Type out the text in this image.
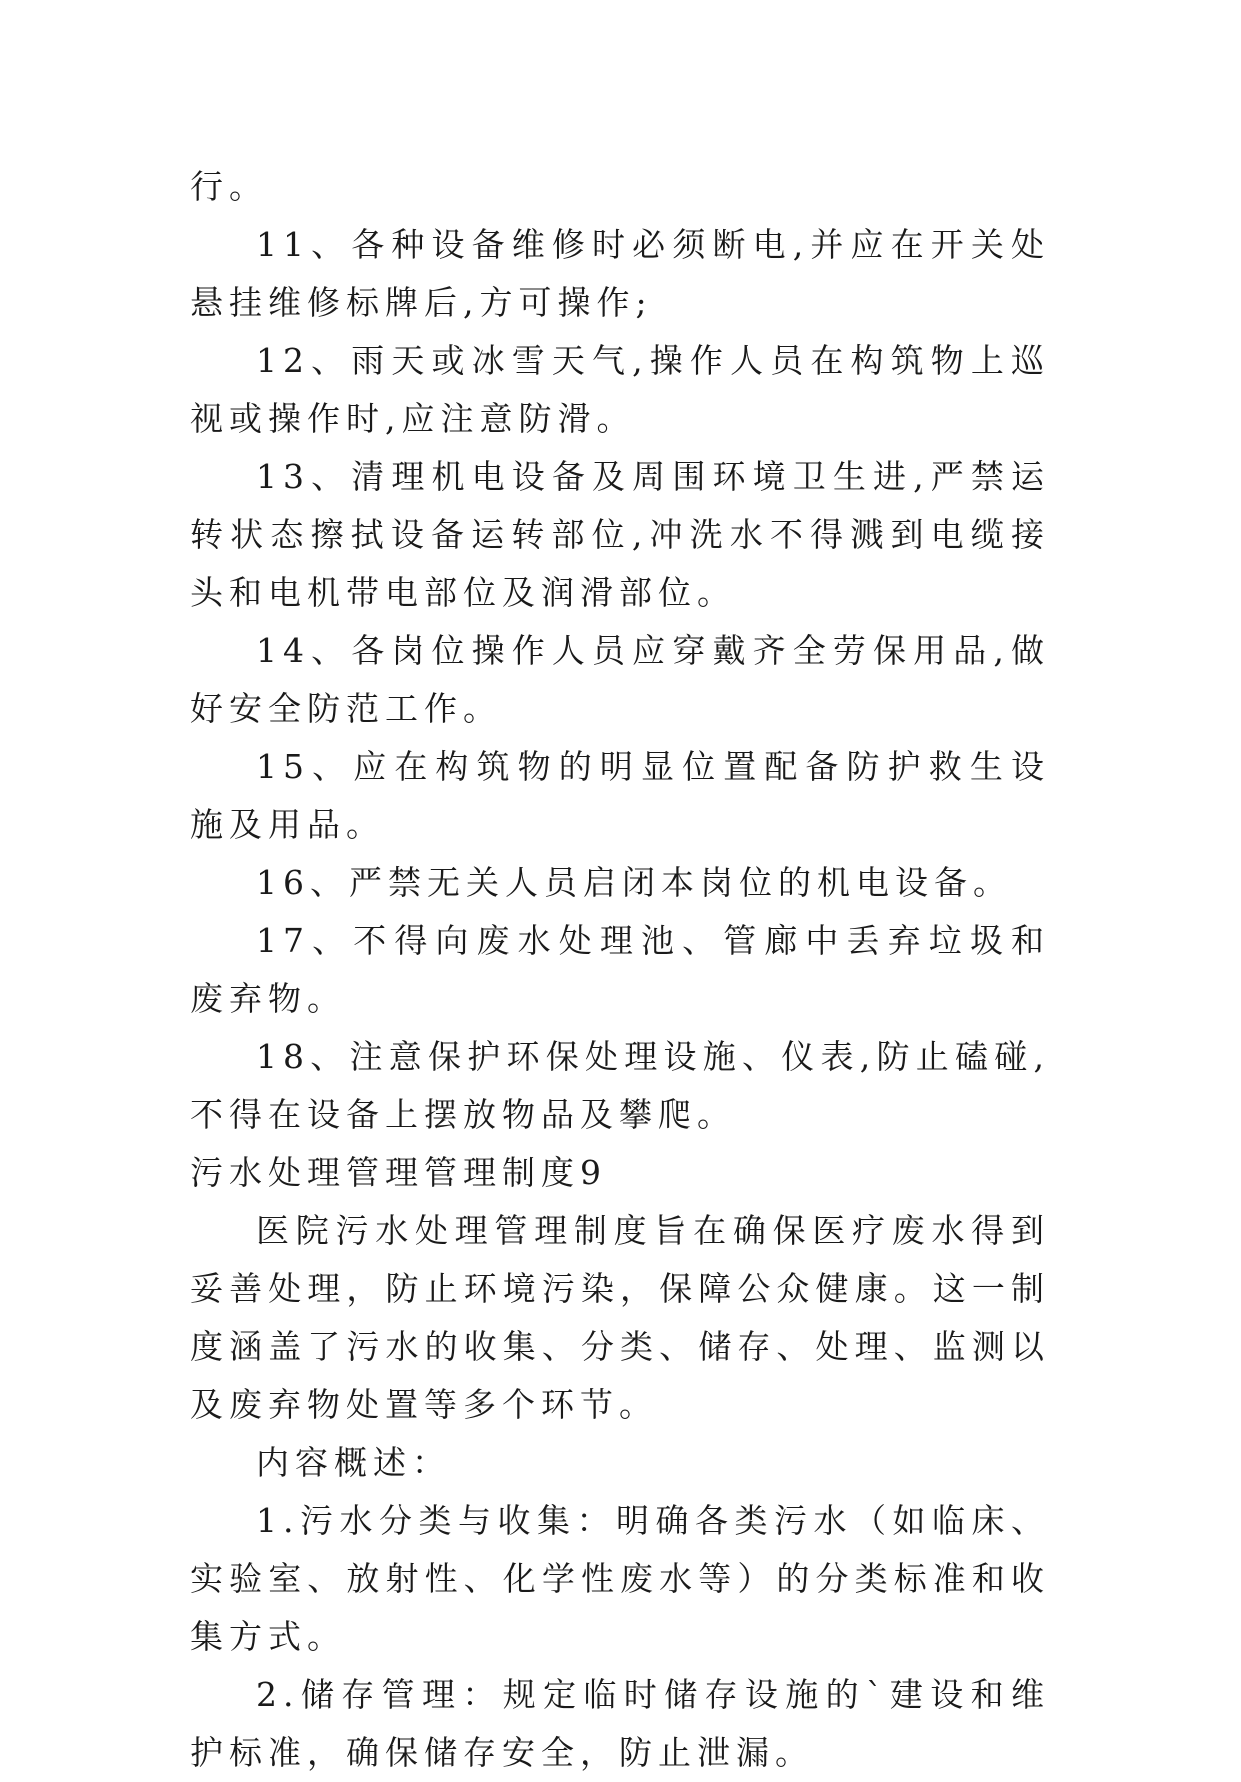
行。

11、各种设备维修时必须断电,并应在开关处悬挂维修标牌后,方可操作;

12、雨天或冰雪天气,操作人员在构筑物上巡视或操作时,应注意防滑。

13、清理机电设备及周围环境卫生进,严禁运转状态擦拭设备运转部位,冲洗水不得溅到电缆接头和电机带电部位及润滑部位。

14、各岗位操作人员应穿戴齐全劳保用品,做好安全防范工作。

15、应在构筑物的明显位置配备防护救生设施及用品。

16、严禁无关人员启闭本岗位的机电设备。

17、不得向废水处理池、管廊中丢弃垃圾和废弃物。

18、注意保护环保处理设施、仪表,防止磕碰,不得在设备上摆放物品及攀爬。

污水处理管理管理制度9

医院污水处理管理制度旨在确保医疗废水得到妥善处理，防止环境污染，保障公众健康。这一制度涵盖了污水的收集、分类、储存、处理、监测以及废弃物处置等多个环节。

内容概述：

1.污水分类与收集：明确各类污水（如临床、实验室、放射性、化学性废水等）的分类标准和收集方式。

2.储存管理：规定临时储存设施的`建设和维护标准，确保储存安全，防止泄漏。
